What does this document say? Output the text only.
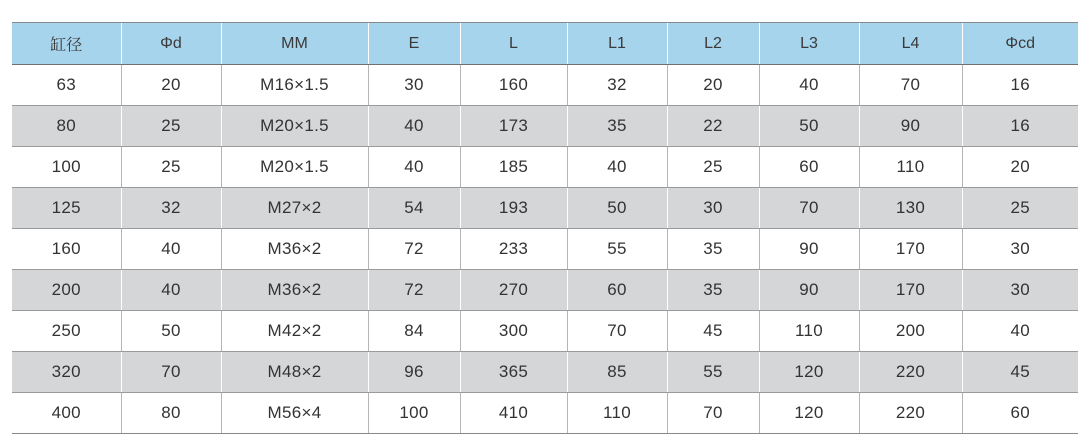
缸径	Φd	MM	E	L	L1	L2	L3	L4	Φcd
63	20	M16×1.5	30	160	32	20	40	70	16
80	25	M20×1.5	40	173	35	22	50	90	16
100	25	M20×1.5	40	185	40	25	60	110	20
125	32	M27×2	54	193	50	30	70	130	25
160	40	M36×2	72	233	55	35	90	170	30
200	40	M36×2	72	270	60	35	90	170	30
250	50	M42×2	84	300	70	45	110	200	40
320	70	M48×2	96	365	85	55	120	220	45
400	80	M56×4	100	410	110	70	120	220	60
